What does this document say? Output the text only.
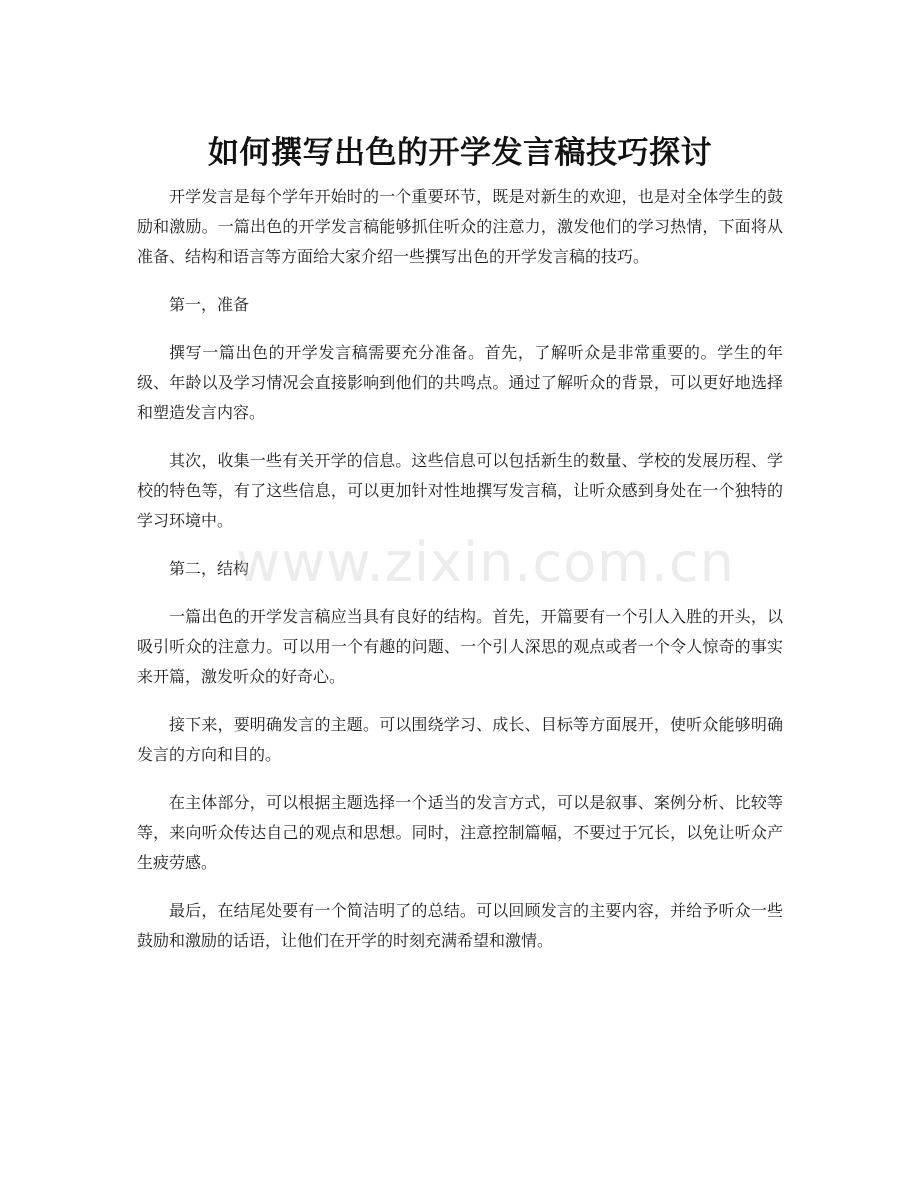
如何撰写出色的开学发言稿技巧探讨

开学发言是每个学年开始时的一个重要环节，既是对新生的欢迎，也是对全体学生的鼓励和激励。一篇出色的开学发言稿能够抓住听众的注意力，激发他们的学习热情，下面将从准备、结构和语言等方面给大家介绍一些撰写出色的开学发言稿的技巧。

第一，准备

撰写一篇出色的开学发言稿需要充分准备。首先，了解听众是非常重要的。学生的年级、年龄以及学习情况会直接影响到他们的共鸣点。通过了解听众的背景，可以更好地选择和塑造发言内容。

其次，收集一些有关开学的信息。这些信息可以包括新生的数量、学校的发展历程、学校的特色等，有了这些信息，可以更加针对性地撰写发言稿，让听众感到身处在一个独特的学习环境中。

第二，结构

一篇出色的开学发言稿应当具有良好的结构。首先，开篇要有一个引人入胜的开头，以吸引听众的注意力。可以用一个有趣的问题、一个引人深思的观点或者一个令人惊奇的事实来开篇，激发听众的好奇心。

接下来，要明确发言的主题。可以围绕学习、成长、目标等方面展开，使听众能够明确发言的方向和目的。

在主体部分，可以根据主题选择一个适当的发言方式，可以是叙事、案例分析、比较等等，来向听众传达自己的观点和思想。同时，注意控制篇幅，不要过于冗长，以免让听众产生疲劳感。

最后，在结尾处要有一个简洁明了的总结。可以回顾发言的主要内容，并给予听众一些鼓励和激励的话语，让他们在开学的时刻充满希望和激情。

www.zixin.com.cn
